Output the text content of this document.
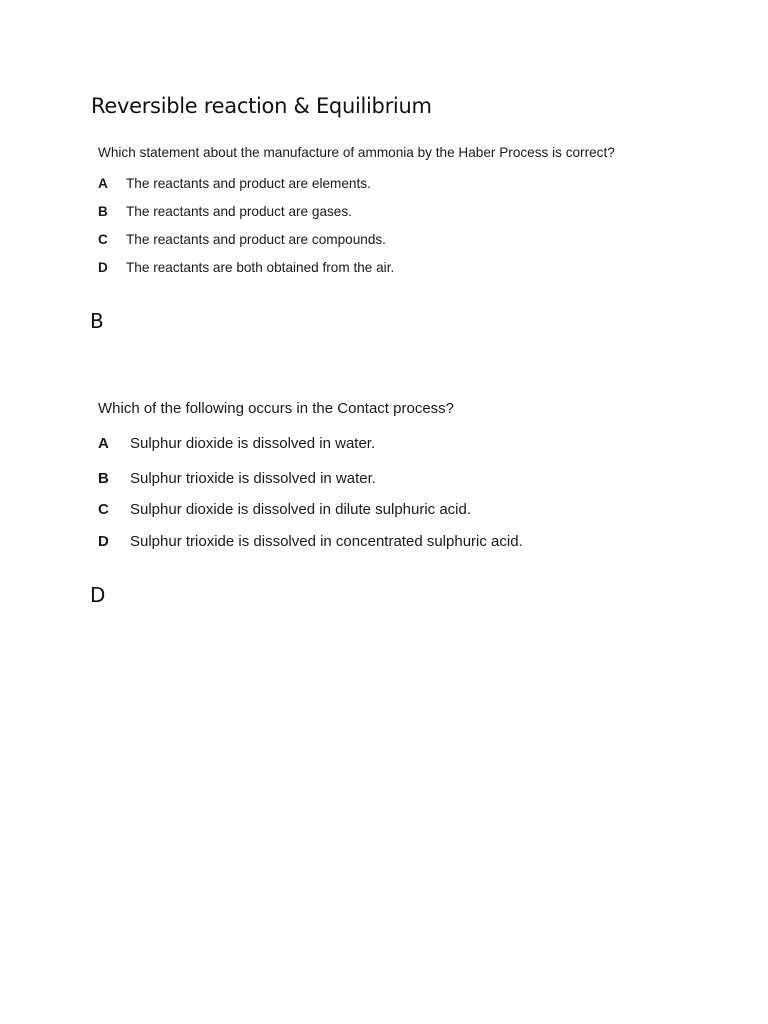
Reversible reaction & Equilibrium
Which statement about the manufacture of ammonia by the Haber Process is correct?
A The reactants and product are elements.
B The reactants and product are gases.
C The reactants and product are compounds.
D The reactants are both obtained from the air.
B
Which of the following occurs in the Contact process?
A Sulphur dioxide is dissolved in water.
B Sulphur trioxide is dissolved in water.
C Sulphur dioxide is dissolved in dilute sulphuric acid.
D Sulphur trioxide is dissolved in concentrated sulphuric acid.
D
